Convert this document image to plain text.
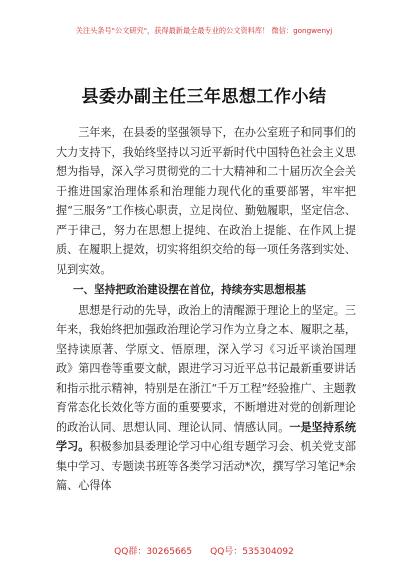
关注头条号"公文研究"，获得最新最全最专业的公文资料库！ 微信：gongwenyj
县委办副主任三年思想工作小结

三年来，在县委的坚强领导下，在办公室班子和同事们的大力支持下，我始终坚持以习近平新时代中国特色社会主义思想为指导，深入学习贯彻党的二十大精神和二十届历次全会关于推进国家治理体系和治理能力现代化的重要部署，牢牢把握“三服务”工作核心职责，立足岗位、勤勉履职，坚定信念、严于律己，努力在思想上提纯、在政治上提能、在作风上提质、在履职上提效，切实将组织交给的每一项任务落到实处、见到实效。

一、坚持把政治建设摆在首位，持续夯实思想根基

思想是行动的先导，政治上的清醒源于理论上的坚定。三年来，我始终把加强政治理论学习作为立身之本、履职之基，坚持读原著、学原文、悟原理，深入学习《习近平谈治国理政》第四卷等重要文献，跟进学习习近平总书记最新重要讲话和指示批示精神，特别是在浙江“千万工程”经验推广、主题教育常态化长效化等方面的重要要求，不断增进对党的创新理论的政治认同、思想认同、理论认同、情感认同。一是坚持系统学习。积极参加县委理论学习中心组专题学习会、机关党支部集中学习、专题读书班等各类学习活动*次，撰写学习笔记*余篇、心得体

QQ群：30265665 QQ号：535304092
